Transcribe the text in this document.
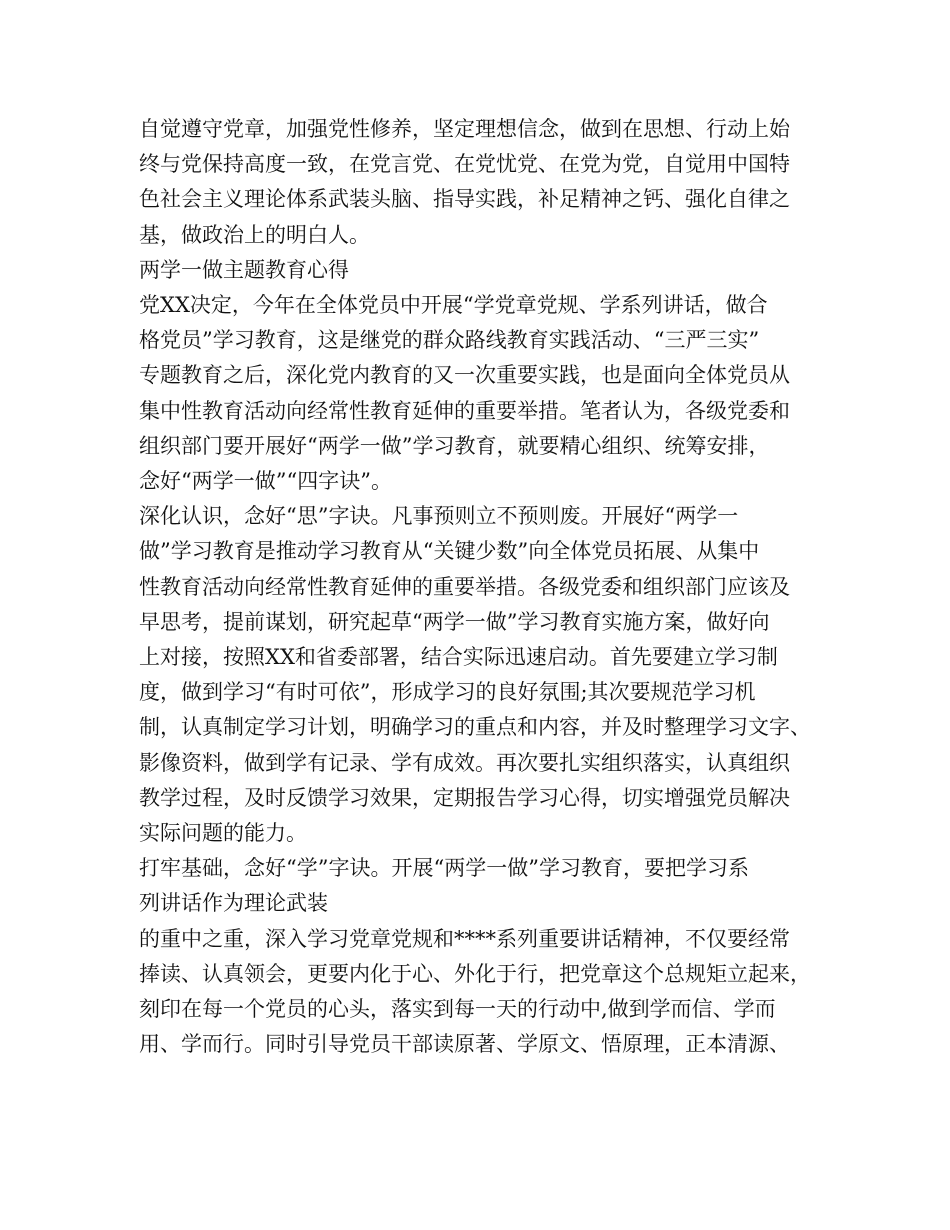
自觉遵守党章，加强党性修养，坚定理想信念，做到在思想、行动上始
终与党保持高度一致，在党言党、在党忧党、在党为党，自觉用中国特
色社会主义理论体系武装头脑、指导实践，补足精神之钙、强化自律之
基，做政治上的明白人。

两学一做主题教育心得

党XX决定，今年在全体党员中开展“学党章党规、学系列讲话，做合
格党员”学习教育，这是继党的群众路线教育实践活动、“三严三实”
专题教育之后，深化党内教育的又一次重要实践，也是面向全体党员从
集中性教育活动向经常性教育延伸的重要举措。笔者认为，各级党委和
组织部门要开展好“两学一做”学习教育，就要精心组织、统筹安排，
念好“两学一做”“四字诀”。

深化认识，念好“思”字诀。凡事预则立不预则废。开展好“两学一
做”学习教育是推动学习教育从“关键少数”向全体党员拓展、从集中
性教育活动向经常性教育延伸的重要举措。各级党委和组织部门应该及
早思考，提前谋划，研究起草“两学一做”学习教育实施方案，做好向
上对接，按照XX和省委部署，结合实际迅速启动。首先要建立学习制
度，做到学习“有时可依”，形成学习的良好氛围;其次要规范学习机
制，认真制定学习计划，明确学习的重点和内容，并及时整理学习文字、
影像资料，做到学有记录、学有成效。再次要扎实组织落实，认真组织
教学过程，及时反馈学习效果，定期报告学习心得，切实增强党员解决
实际问题的能力。

打牢基础，念好“学”字诀。开展“两学一做”学习教育，要把学习系
列讲话作为理论武装

的重中之重，深入学习党章党规和****系列重要讲话精神，不仅要经常
捧读、认真领会，更要内化于心、外化于行，把党章这个总规矩立起来，
刻印在每一个党员的心头，落实到每一天的行动中,做到学而信、学而
用、学而行。同时引导党员干部读原著、学原文、悟原理，正本清源、
